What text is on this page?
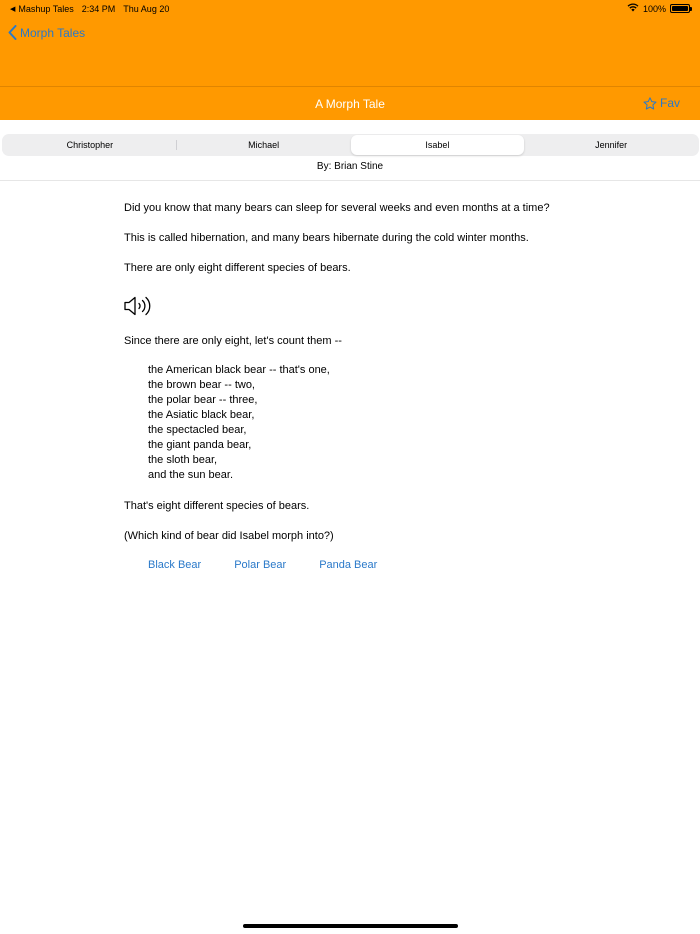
◀ Mashup Tales 2:34 PM Thu Aug 20	100%
Morph Tales
A Morph Tale	Fav
Christopher	Michael	Isabel	Jennifer
By: Brian Stine

Did you know that many bears can sleep for several weeks and even months at a time?

This is called hibernation, and many bears hibernate during the cold winter months.

There are only eight different species of bears.

Since there are only eight, let's count them --

the American black bear -- that's one,
the brown bear -- two,
the polar bear -- three,
the Asiatic black bear,
the spectacled bear,
the giant panda bear,
the sloth bear,
and the sun bear.

That's eight different species of bears.

(Which kind of bear did Isabel morph into?)

Black Bear	Polar Bear	Panda Bear
